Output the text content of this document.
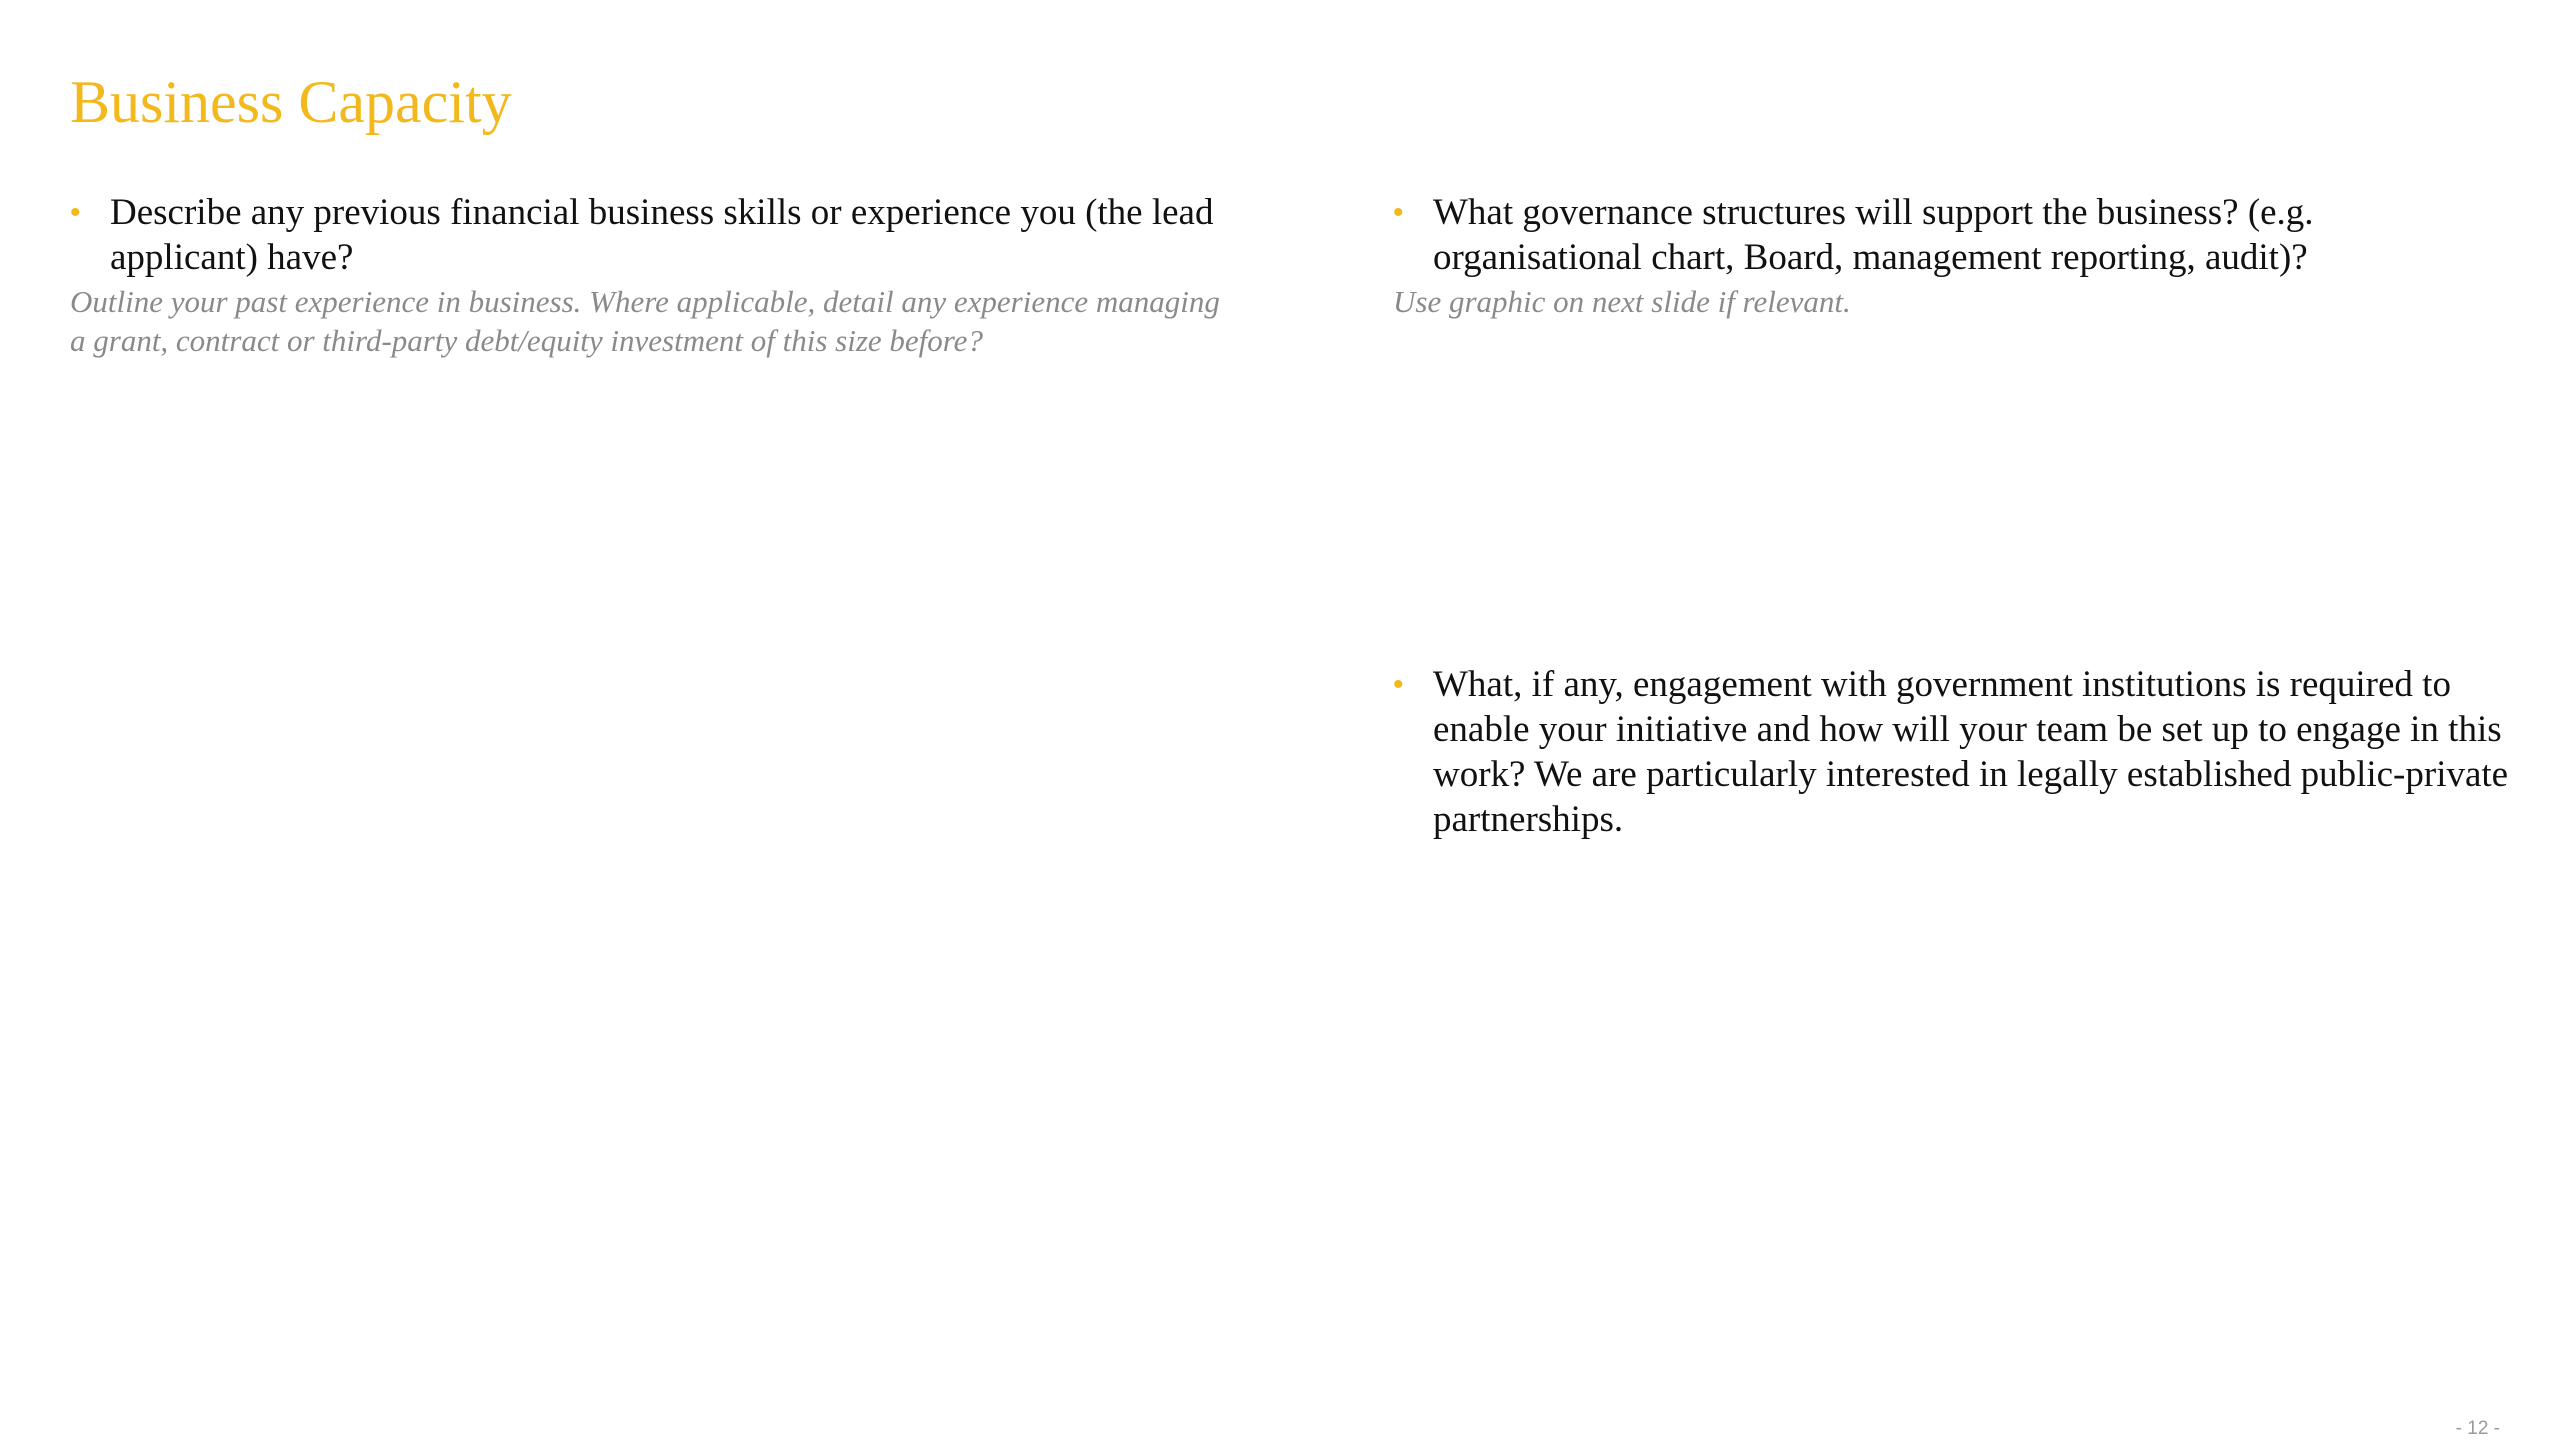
Business Capacity
• Describe any previous financial business skills or experience you (the lead applicant) have?

Outline your past experience in business. Where applicable, detail any experience managing a grant, contract or third-party debt/equity investment of this size before?

• What governance structures will support the business? (e.g. organisational chart, Board, management reporting, audit)?

Use graphic on next slide if relevant.

• What, if any, engagement with government institutions is required to enable your initiative and how will your team be set up to engage in this work? We are particularly interested in legally established public-private partnerships.
- 12 -
